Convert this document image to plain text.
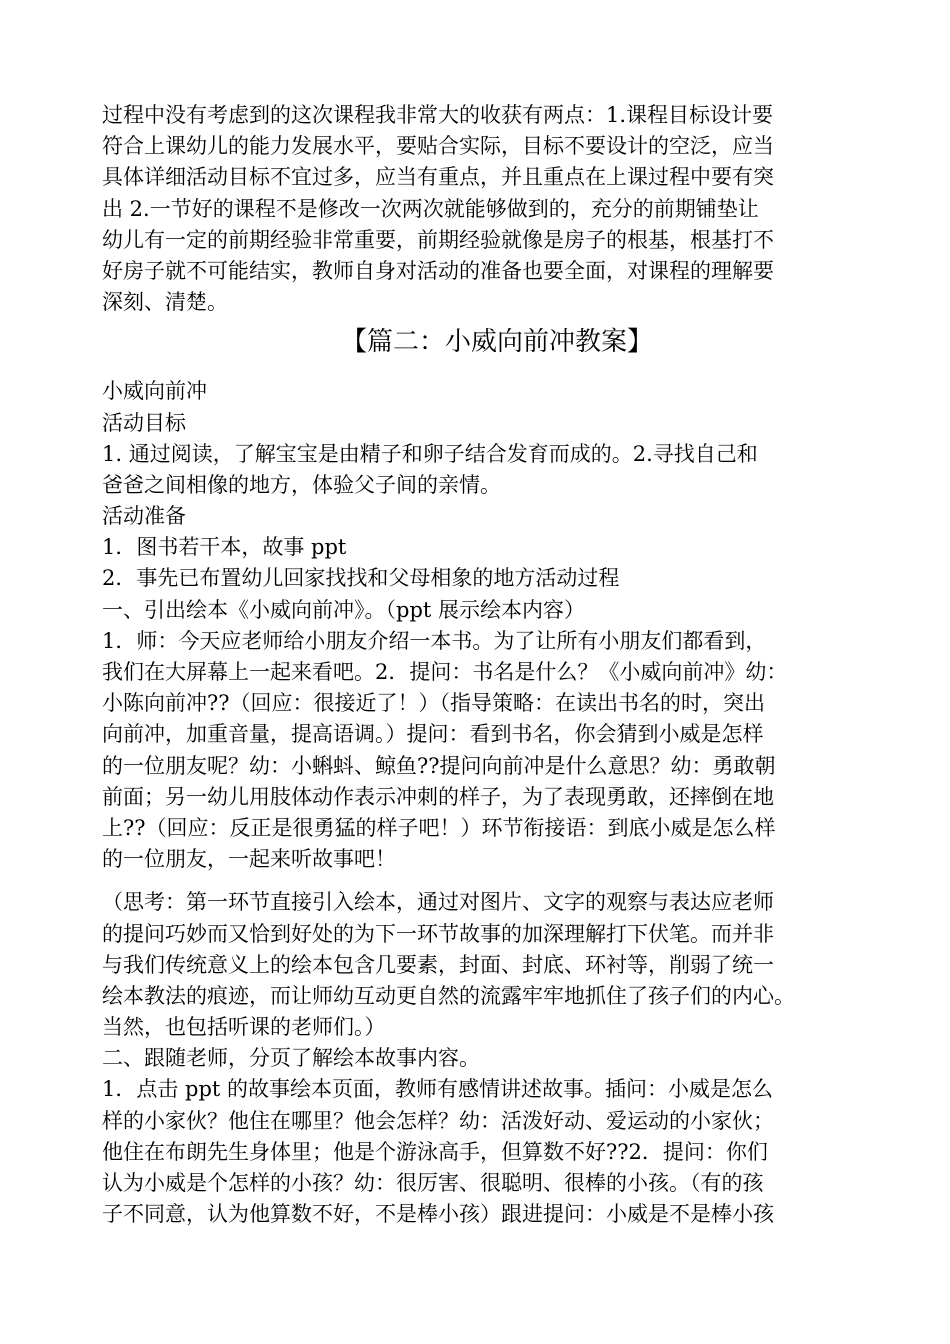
过程中没有考虑到的这次课程我非常大的收获有两点：1.课程目标设计要
符合上课幼儿的能力发展水平，要贴合实际，目标不要设计的空泛，应当
具体详细活动目标不宜过多，应当有重点，并且重点在上课过程中要有突
出 2.一节好的课程不是修改一次两次就能够做到的，充分的前期铺垫让
幼儿有一定的前期经验非常重要，前期经验就像是房子的根基，根基打不
好房子就不可能结实，教师自身对活动的准备也要全面，对课程的理解要
深刻、清楚。
【篇二：小威向前冲教案】
小威向前冲
活动目标
1. 通过阅读，了解宝宝是由精子和卵子结合发育而成的。2.寻找自己和
爸爸之间相像的地方，体验父子间的亲情。
活动准备
1．图书若干本，故事 ppt
2．事先已布置幼儿回家找找和父母相象的地方活动过程
一、引出绘本《小威向前冲》。（ppt 展示绘本内容）
1．师：今天应老师给小朋友介绍一本书。为了让所有小朋友们都看到，
我们在大屏幕上一起来看吧。2．提问：书名是什么？《小威向前冲》幼：
小陈向前冲??（回应：很接近了！）（指导策略：在读出书名的时，突出
向前冲，加重音量，提高语调。）提问：看到书名，你会猜到小威是怎样
的一位朋友呢？幼：小蝌蚪、鲸鱼??提问向前冲是什么意思？幼：勇敢朝
前面；另一幼儿用肢体动作表示冲刺的样子，为了表现勇敢，还摔倒在地
上??（回应：反正是很勇猛的样子吧！）环节衔接语：到底小威是怎么样
的一位朋友，一起来听故事吧！
（思考：第一环节直接引入绘本，通过对图片、文字的观察与表达应老师
的提问巧妙而又恰到好处的为下一环节故事的加深理解打下伏笔。而并非
与我们传统意义上的绘本包含几要素，封面、封底、环衬等，削弱了统一
绘本教法的痕迹，而让师幼互动更自然的流露牢牢地抓住了孩子们的内心。
当然，也包括听课的老师们。）
二、跟随老师，分页了解绘本故事内容。
1．点击 ppt 的故事绘本页面，教师有感情讲述故事。插问：小威是怎么
样的小家伙？他住在哪里？他会怎样？幼：活泼好动、爱运动的小家伙；
他住在布朗先生身体里；他是个游泳高手，但算数不好??2．提问：你们
认为小威是个怎样的小孩？幼：很厉害、很聪明、很棒的小孩。（有的孩
子不同意，认为他算数不好，不是棒小孩）跟进提问：小威是不是棒小孩
